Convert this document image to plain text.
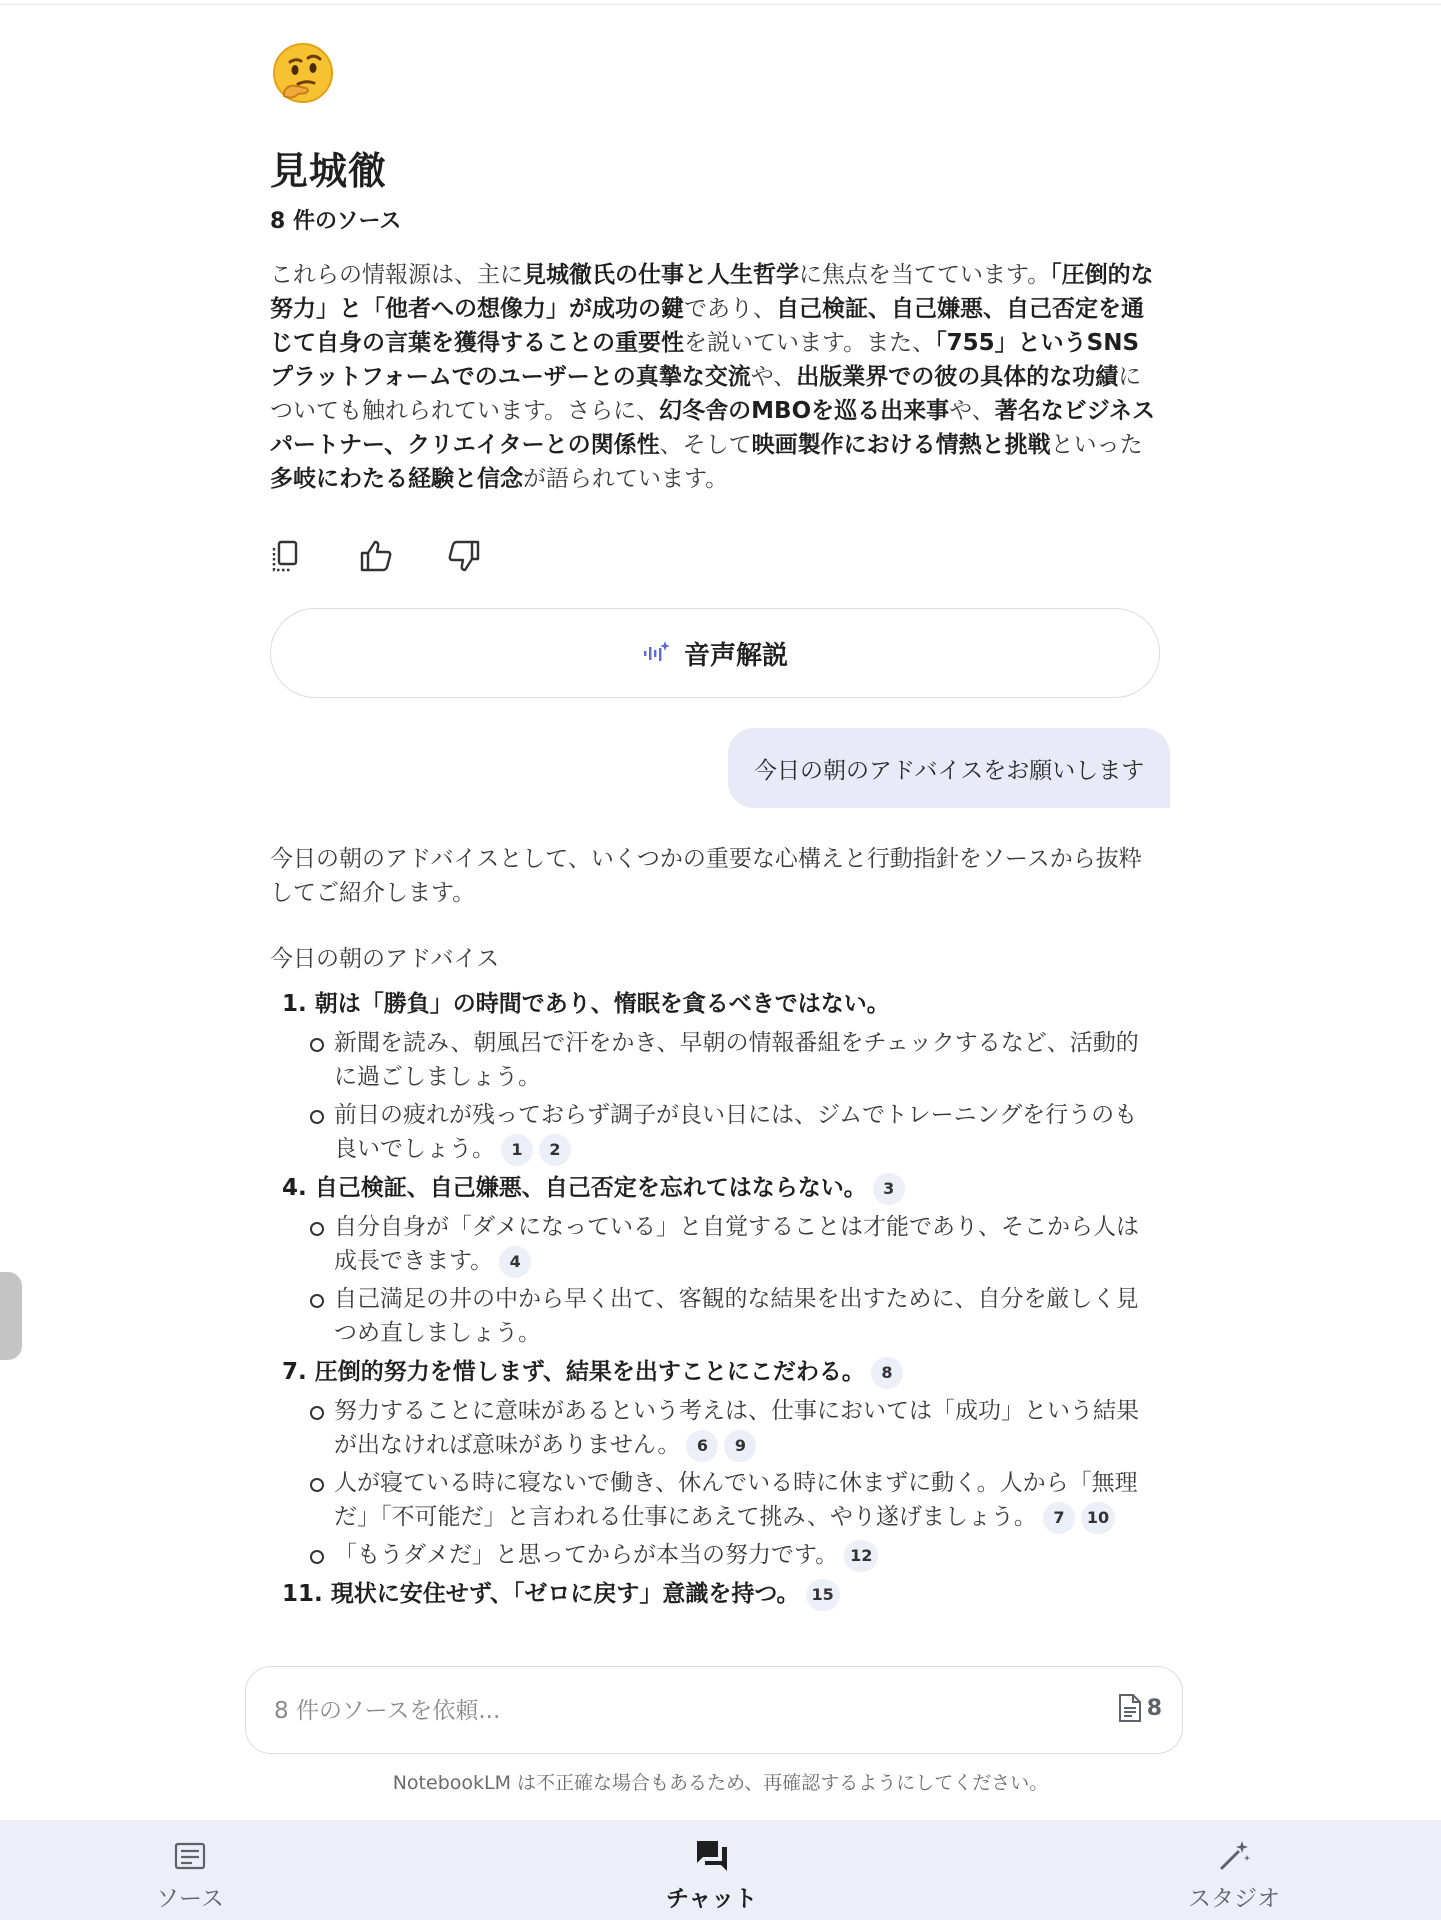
見城徹
8 件のソース
これらの情報源は、主に見城徹氏の仕事と人生哲学に焦点を当てています。「圧倒的な努力」と「他者への想像力」が成功の鍵であり、自己検証、自己嫌悪、自己否定を通じて自身の言葉を獲得することの重要性を説いています。また、「755」というSNSプラットフォームでのユーザーとの真摯な交流や、出版業界での彼の具体的な功績についても触れられています。さらに、幻冬舎のMBOを巡る出来事や、著名なビジネスパートナー、クリエイターとの関係性、そして映画製作における情熱と挑戦といった多岐にわたる経験と信念が語られています。
音声解説
今日の朝のアドバイスをお願いします

今日の朝のアドバイスとして、いくつかの重要な心構えと行動指針をソースから抜粋してご紹介します。

今日の朝のアドバイス

1. 朝は「勝負」の時間であり、惰眠を貪るべきではない。
新聞を読み、朝風呂で汗をかき、早朝の情報番組をチェックするなど、活動的に過ごしましょう。
前日の疲れが残っておらず調子が良い日には、ジムでトレーニングを行うのも良いでしょう。 1 2
4. 自己検証、自己嫌悪、自己否定を忘れてはならない。 3
自分自身が「ダメになっている」と自覚することは才能であり、そこから人は成長できます。 4
自己満足の井の中から早く出て、客観的な結果を出すために、自分を厳しく見つめ直しましょう。
7. 圧倒的努力を惜しまず、結果を出すことにこだわる。 8
努力することに意味があるという考えは、仕事においては「成功」という結果が出なければ意味がありません。 6 9
人が寝ている時に寝ないで働き、休んでいる時に休まずに動く。人から「無理だ」「不可能だ」と言われる仕事にあえて挑み、やり遂げましょう。 7 10
「もうダメだ」と思ってからが本当の努力です。 12
11. 現状に安住せず、「ゼロに戻す」意識を持つ。 15
8 件のソースを依頼...
8
NotebookLM は不正確な場合もあるため、再確認するようにしてください。
ソース	チャット	スタジオ
